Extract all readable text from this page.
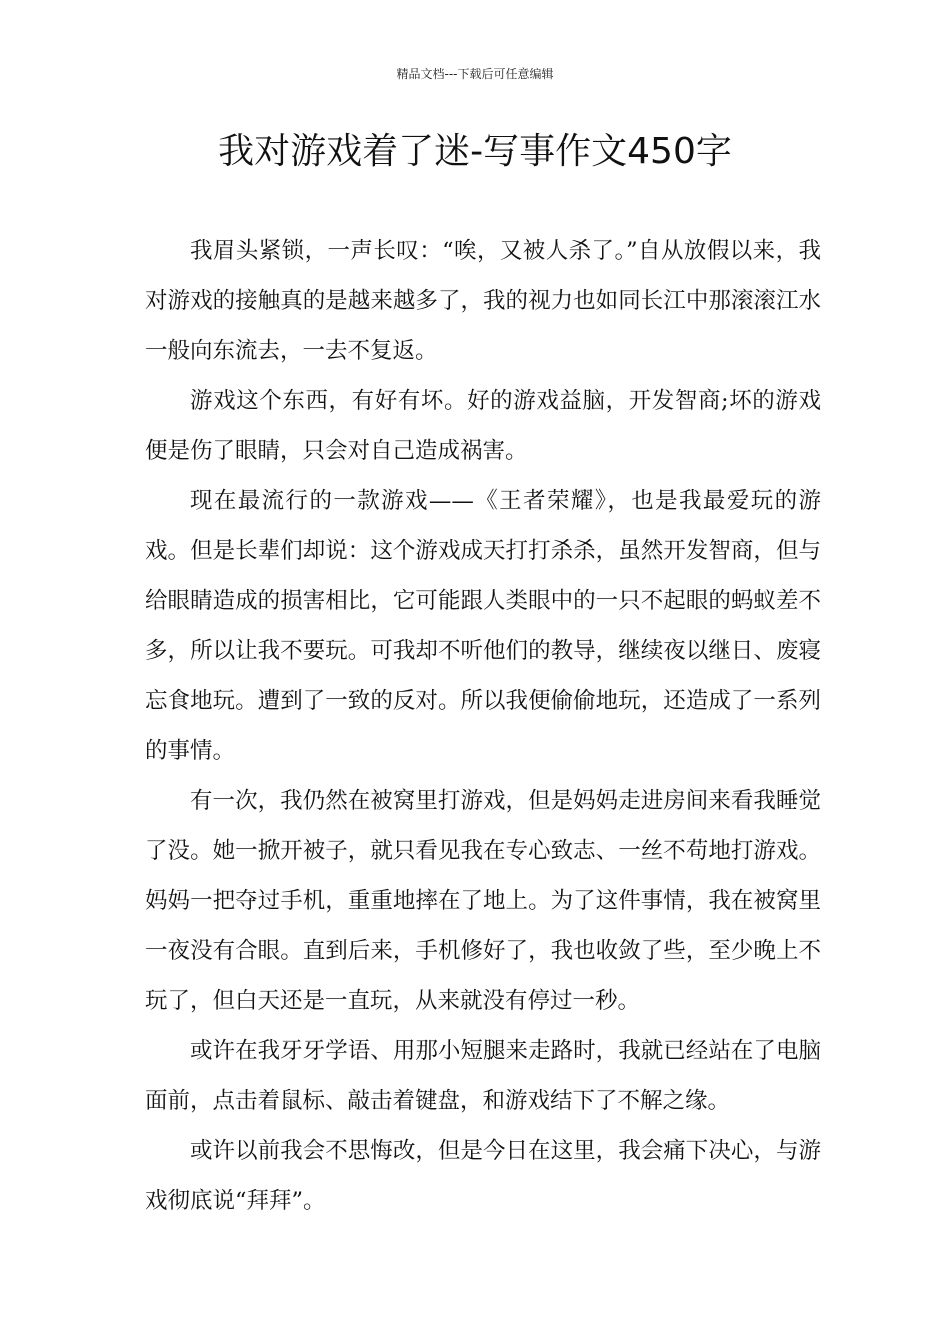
精品文档---下载后可任意编辑
我对游戏着了迷-写事作文450字

我眉头紧锁，一声长叹：“唉，又被人杀了。”自从放假以来，我对游戏的接触真的是越来越多了，我的视力也如同长江中那滚滚江水一般向东流去，一去不复返。

游戏这个东西，有好有坏。好的游戏益脑，开发智商;坏的游戏便是伤了眼睛，只会对自己造成祸害。

现在最流行的一款游戏——《王者荣耀》，也是我最爱玩的游戏。但是长辈们却说：这个游戏成天打打杀杀，虽然开发智商，但与给眼睛造成的损害相比，它可能跟人类眼中的一只不起眼的蚂蚁差不多，所以让我不要玩。可我却不听他们的教导，继续夜以继日、废寝忘食地玩。遭到了一致的反对。所以我便偷偷地玩，还造成了一系列的事情。

有一次，我仍然在被窝里打游戏，但是妈妈走进房间来看我睡觉了没。她一掀开被子，就只看见我在专心致志、一丝不苟地打游戏。妈妈一把夺过手机，重重地摔在了地上。为了这件事情，我在被窝里一夜没有合眼。直到后来，手机修好了，我也收敛了些，至少晚上不玩了，但白天还是一直玩，从来就没有停过一秒。

或许在我牙牙学语、用那小短腿来走路时，我就已经站在了电脑面前，点击着鼠标、敲击着键盘，和游戏结下了不解之缘。

或许以前我会不思悔改，但是今日在这里，我会痛下决心，与游戏彻底说“拜拜”。
